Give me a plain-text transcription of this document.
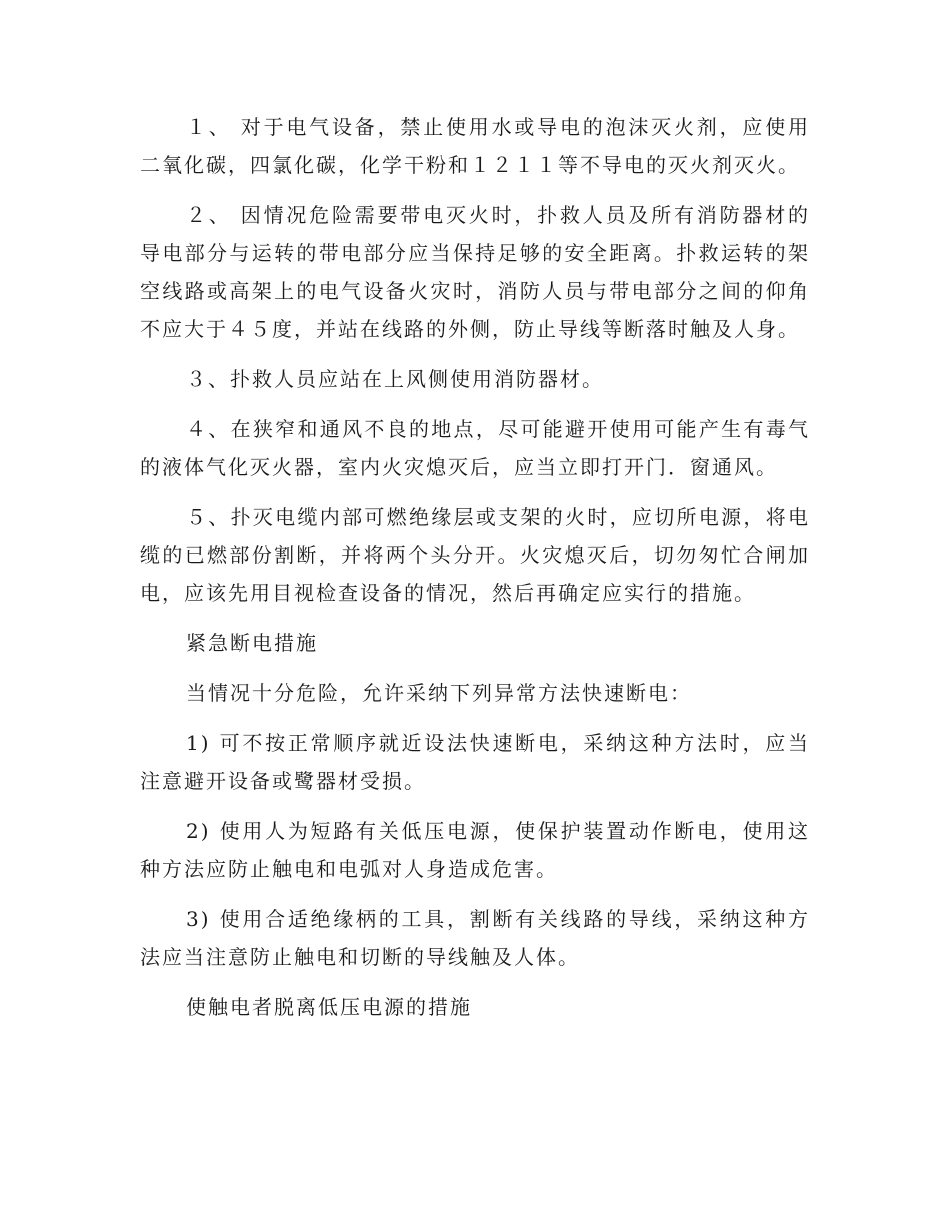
１、 对于电气设备，禁止使用水或导电的泡沫灭火剂，应使用二氧化碳，四氯化碳，化学干粉和１２１１等不导电的灭火剂灭火。

２、 因情况危险需要带电灭火时，扑救人员及所有消防器材的导电部分与运转的带电部分应当保持足够的安全距离。扑救运转的架空线路或高架上的电气设备火灾时，消防人员与带电部分之间的仰角不应大于４５度，并站在线路的外侧，防止导线等断落时触及人身。

３、扑救人员应站在上风侧使用消防器材。

４、在狭窄和通风不良的地点，尽可能避开使用可能产生有毒气的液体气化灭火器，室内火灾熄灭后，应当立即打开门．窗通风。

５、扑灭电缆内部可燃绝缘层或支架的火时，应切所电源，将电缆的已燃部份割断，并将两个头分开。火灾熄灭后，切勿匆忙合闸加电，应该先用目视检查设备的情况，然后再确定应实行的措施。

紧急断电措施

当情况十分危险，允许采纳下列异常方法快速断电：

1) 可不按正常顺序就近设法快速断电，采纳这种方法时，应当注意避开设备或鹭器材受损。

2) 使用人为短路有关低压电源，使保护装置动作断电，使用这种方法应防止触电和电弧对人身造成危害。

3) 使用合适绝缘柄的工具，割断有关线路的导线，采纳这种方法应当注意防止触电和切断的导线触及人体。

使触电者脱离低压电源的措施
